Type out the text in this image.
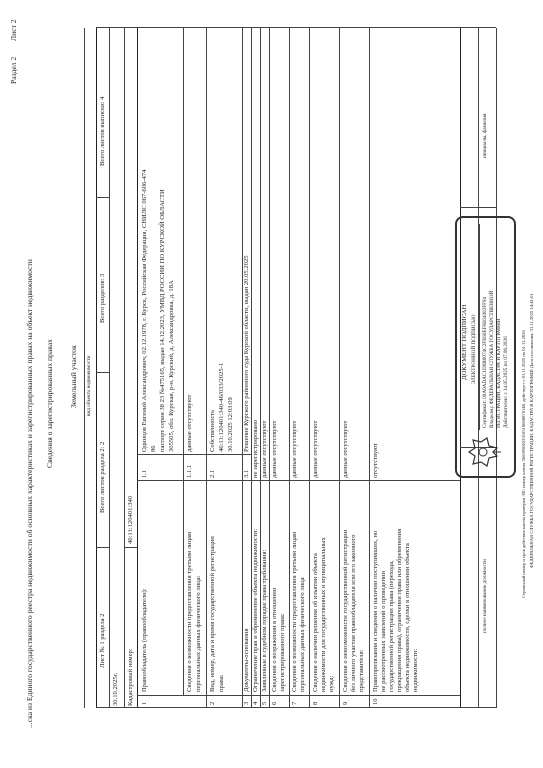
Раздел 2
Лист 2
...ска из Единого государственного реестра недвижимости об основных характеристиках и зарегистрированных правах на объект недвижимости Сведения о зарегистрированных правах Земельный участок вид объекта недвижимости
Лист № 1 раздела 2
Всего листов раздела 2: 2
Всего разделов: 3
Всего листов выписки: 4
30.10.2025г. Кадастровый номер:
46:11:120401:340
1
Правообладатель (правообладатели):
1.1
Одинцов Евгений Александрович, 02.12.1978, г. Курск, Российская Федерация, СНИЛС 067-606-474 86 паспорт серия 38 23 №475165, выдан 14.12.2023, УМВД РОССИИ ПО КУРСКОЙ ОБЛАСТИ 305505, обл. Курская, р-н. Курский, д. Александровка, д. 18А
Сведения о возможности предоставления третьим лицам персональных данных физического лица:
1.1.1
данные отсутствуют
2
Вид, номер, дата и время государственной регистрации права:
2.1
Собственность 46:11:120401:340-46/033/2025-1 30.10.2025 12:03:09
3
Документы-основания
3.1
Решение Курского районного суда Курской области, выдан 20.05.2025
4
Ограничение прав и обременение объекта недвижимости:
не зарегистрировано
5
Заявленные в судебном порядке права требования:
данные отсутствуют
6
Сведения о возражении в отношении зарегистрированного права:
данные отсутствуют
7
Сведения о возможности предоставления третьим лицам персональных данных физического лица
данные отсутствуют
8
Сведения о наличии решения об изъятии объекта недвижимости для государственных и муниципальных нужд:
данные отсутствуют
9
Сведения о невозможности государственной регистрации без личного участия правообладателя или его законного представителя:
данные отсутствуют
10
Правопритязания и сведения о наличии поступивших, но не рассмотренных заявлений о проведении государственной регистрации права (перехода, прекращения права), ограничения права или обременения объекта недвижимости, сделки в отношении объекта недвижимости:
отсутствуют
полное наименование должности
инициалы, фамилия
ДОКУМЕНТ ПОДПИСАН ЭЛЕКТРОННОЙ ПОДПИСЬЮ Сертификат: 00A0ADAC1D0B0074C2FE60EF8E64002FF94 Владелец: ФЕДЕРАЛЬНАЯ СЛУЖБА ГОСУДАРСТВЕННОЙ РЕГИСТРАЦИИ, КАДАСТРА И КАРТОГРАФИИ Действителен: с 14.05.2025 по 07.08.2026	Сервисный номер и срок действия ключа проверки ЭП: номер ключа 3665950653316519868876148, действует с 01.11.2025 по 01.11.2026 ФЕДЕРАЛЬНАЯ СЛУЖБА ГОСУДАРСТВЕННОЙ РЕГИСТРАЦИИ, КАДАСТРА И КАРТОГРАФИИ Дата составления: 31.11.2025 14:41:01
